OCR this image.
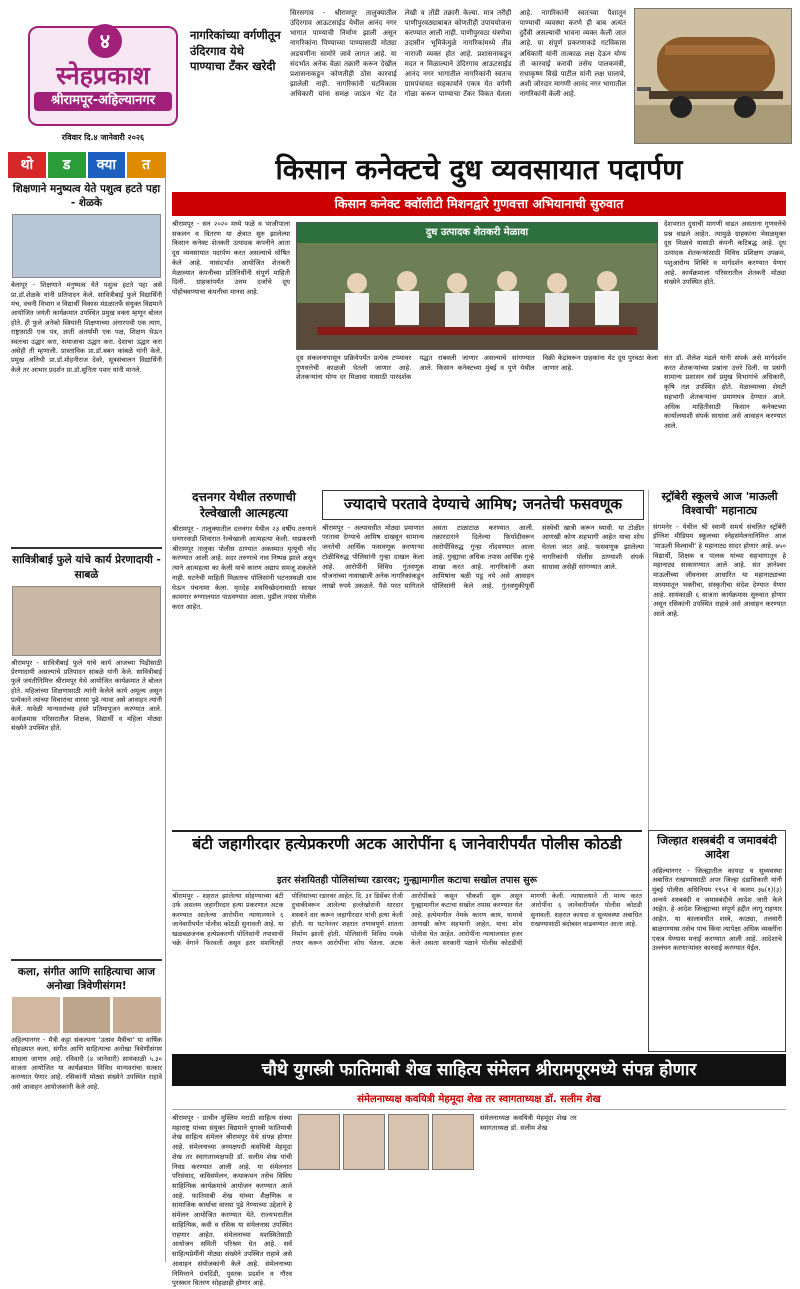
४
स्नेहप्रकाश
श्रीरामपूर-अहिल्यानगर
रविवार दि.४ जानेवारी २०२६
नागरिकांच्या वर्गणीतून उंदिरगाव येथे पाण्याचा टँकर खरेदी
सिरसगाव - श्रीरामपूर तालुक्यातील उंदिरगाव आऊटसाईड येथील आनंद नगर भागात पाण्याची निर्माण झाली असून नागरिकांना पिण्याच्या पाण्यासाठी मोठ्या अडचणींना सामोरे जावे लागत आहे. या संदर्भात अनेक वेळा तक्रारी करून देखील प्रशासनाकडून कोणतीही ठोस कारवाई झालेली नाही. नागरिकांनी घटविकास अधिकारी यांना समक्ष जाऊन भेट देत लेखी व तोंडी तक्रारी केल्या. मात्र तरीही पाणीपुरवठ्याबाबत कोणतीही उपाययोजना करण्यात आली नाही. पाणीपुरवठा यंत्रणेचा उदासीन भूमिकेमुळे नागरिकांमध्ये तीव्र नाराजी व्यक्त होत आहे. प्रशासनाकडून मदत न मिळाल्याने उंदिरगाव आऊटसाईड आनंद नगर भागातील नागरिकांनी स्वतःच ग्रामपंचायत सहकार्याने एकत्र येत वर्गणी गोळा करून पाण्याचा टँकर विकत घेतला आहे. नागरिकांनी स्वतःच्या पैशातून पाण्याची व्यवस्था करणे ही बाब अत्यंत दुर्दैवी असल्याची भावना व्यक्त केली जात आहे. या संपूर्ण प्रकरणाकडे गटविकास अधिकारी यांनी तात्काळ लक्ष देऊन योग्य ती कारवाई करावी तसेच पालकमंत्री, राधाकृष्ण विखे पाटील यांनी लक्ष घालावे, अशी जोरदार मागणी आनंद नगर भागातील नागरिकांनी केली आहे.
थो	ड	क्या	त
शिक्षणाने मनुष्यत्व येते पशुत्व हटते पहा - शेळके
बेलापूर - शिक्षणाने मनुष्यत्व येते पशुत्व हटते पहा असे प्रा.डॉ.शेळके यांनी प्रतिपादन केले. सावित्रीबाई फुले विद्यार्थिनी मंच, वचनी विभाग व विद्यार्थी विकास मंडळातर्फे संयुक्त विद्यमाने आयोजित जयंती कार्यक्रमात उपस्थित प्रमुख वक्ता म्हणून बोलत होते. ही फुले अनेको स्त्रियांनी शिक्षणाच्या अंगारपथी एक त्याग, राष्ट्रासाठी एक पत्र, ज्ञाती अंतर्यामी एक पक्ष, शिक्षण घेऊन स्वतःचा उद्धार करा, समाजाचा उद्धार करा. देशाचा उद्धार करा असेही ती म्हणाली. प्रास्ताविक प्रा.डॉ.बबन कांबळे यांनी केले. प्रमुख अतिथी प्रा.डॉ.मोहनीराज देवरे, सूत्रसंचालन विद्यार्थिनी केले तर आभार प्रदर्शन प्रा.डॉ.सुनिता पवार यांनी मानले.
सावित्रीबाई फुले यांचे कार्य प्रेरणादायी - साबळे
श्रीरामपूर - सावित्रीबाई फुले यांचे कार्य आजच्या पिढीसाठी प्रेरणादायी असल्याचे प्रतिपादन साबळे यांनी केले. सावित्रीबाई फुले जयंतीनिमित्त श्रीरामपूर येथे आयोजित कार्यक्रमात ते बोलत होते. महिलांच्या शिक्षणासाठी त्यांनी केलेले कार्य अमूल्य असून प्रत्येकाने त्यांच्या विचारांचा वारसा पुढे न्यावा असे आवाहन त्यांनी केले. यावेळी मान्यवरांच्या हस्ते प्रतिमापूजन करण्यात आले. कार्यक्रमास परिसरातील शिक्षक, विद्यार्थी व महिला मोठ्या संख्येने उपस्थित होते.
कला, संगीत आणि साहित्याचा आज अनोखा त्रिवेणीसंगम!
अहिल्यानगर - मैत्री कट्टा संकल्पना 'उत्सव मैत्रीचा' या वार्षिक सोहळ्यात कला, संगीत आणि साहित्याचा अनोखा त्रिवेणीसंगम साधला जाणार आहे. रविवारी (४ जानेवारी) सायंकाळी ५.३० वाजता आयोजित या कार्यक्रमात विविध मान्यवरांचा सत्कार करण्यात येणार आहे. रसिकांनी मोठ्या संख्येने उपस्थित राहावे असे आवाहन आयोजकांनी केले आहे.
किसान कनेक्टचे दुध व्यवसायात पदार्पण
किसान कनेक्ट क्वॉलीटी मिशनद्वारे गुणवत्ता अभियानाची सुरुवात
श्रीरामपूर - सन २०२० मध्ये फळे व भाजीपाला सकलन व वितरण या क्षेत्रात सुरु झालेल्या किसान कनेक्ट शेतकरी उत्पादक कंपनीने आता दूध व्यवसायात पदार्पण करत असल्याचे घोषित केले आहे. यासंदर्भात आयोजित शेतकरी मेळाव्यात कंपनीच्या प्रतिनिधींनी संपूर्ण माहिती दिली. ग्राहकांपर्यंत उत्तम दर्जाचे दूध पोहोचवण्याचा कंपनीचा मानस आहे.
दुध उत्पादक शेतकरी मेळावा
दूध संकलनापासून प्रक्रियेपर्यंत प्रत्येक टप्प्यावर गुणवत्तेची काळजी घेतली जाणार आहे. शेतकऱ्यांना योग्य दर मिळावा यासाठी पारदर्शक पद्धत राबवली जाणार असल्याचे सांगण्यात आले. किसान कनेक्टच्या मुंबई व पुणे येथील विक्री केंद्रांवरून ग्राहकांना थेट दूध पुरवठा केला जाणार आहे.
देशभरात दुधाची मागणी वाढत असताना गुणवत्तेचे प्रश्न वाढले आहेत. त्यामुळे ग्राहकांना भेसळमुक्त दूध मिळावे यासाठी कंपनी कटिबद्ध आहे. दूध उत्पादक शेतकऱ्यांसाठी विविध प्रशिक्षण उपक्रम, पशुआरोग्य शिबिरे व मार्गदर्शन करण्यात येणार आहे. कार्यक्रमाला परिसरातील शेतकरी मोठ्या संख्येने उपस्थित होते.
संत डॉ. शैलेश मढले यांनी संपर्क असे मार्गदर्शन करत शेतकऱ्यांच्या प्रश्नांना उत्तरे दिली. या प्रसंगी सामान्य प्रशासन सर्व प्रमुख विभागांचे अधिकारी, कृषि तज्ञ उपस्थित होते. मेळाव्याच्या शेवटी सहभागी शेतकऱ्यांना प्रमाणपत्र देण्यात आले. अधिक माहितीसाठी किसान कनेक्टच्या कार्यालयाशी संपर्क साधावा असे आवाहन करण्यात आले.
दत्तनगर येथील तरुणाची रेल्वेखाली आत्महत्या
श्रीरामपूर - तालुक्यातील दत्तनगर येथील २३ वर्षीय तरुणाने धनगरवाडी शिवारात रेल्वेखाली आत्महत्या केली. याप्रकरणी श्रीरामपूर तालुका पोलीस ठाण्यात अकस्मात मृत्यूची नोंद करण्यात आली आहे. सदर तरुणाचे नाव निष्पन्न झाले असून त्याने आत्महत्या का केली याचे कारण अद्याप समजू शकलेले नाही. घटनेची माहिती मिळताच पोलिसांनी घटनास्थळी धाव घेऊन पंचनामा केला. मृतदेह शवविच्छेदनासाठी साखर कामगार रुग्णालयात पाठवण्यात आला. पुढील तपास पोलीस करत आहेत.
ज्यादाचे परतावे देण्याचे आमिष; जनतेची फसवणूक
श्रीरामपूर - अल्पावधीत मोठ्या प्रमाणात परतावा देण्याचे आमिष दाखवून सामान्य जनतेची आर्थिक फसवणूक करणाऱ्या टोळीविरुद्ध पोलिसांनी गुन्हा दाखल केला आहे. आरोपींनी विविध गुंतवणूक योजनांच्या नावाखाली अनेक नागरिकांकडून लाखो रुपये उकळले. पैसे परत मागितले असता टाळाटाळ करण्यात आली. तक्रारदाराने दिलेल्या फिर्यादीवरून आरोपींविरुद्ध गुन्हा नोंदवण्यात आला आहे. गुन्ह्याचा अधिक तपास आर्थिक गुन्हे शाखा करत आहे. नागरिकांनी अशा आमिषांना बळी पडू नये असे आवाहन पोलिसांनी केले आहे. गुंतवणुकीपूर्वी संस्थेची खात्री करून घ्यावी. या टोळीत आणखी कोण सहभागी आहेत याचा शोध घेतला जात आहे. फसवणूक झालेल्या नागरिकांनी पोलीस ठाण्याशी संपर्क साधावा असेही सांगण्यात आले.
स्ट्रॉबेरी स्कूलचे आज 'माऊली विश्वाची' महानाट्य
संगमनेर - येथील श्री स्वामी समर्थ संचलित स्ट्रॉबेरी इंग्लिश मीडियम स्कूलच्या स्नेहसंमेलनानिमित्त आज 'माऊली विश्वाची' हे महानाट्य सादर होणार आहे. ७५० विद्यार्थी, शिक्षक व पालक यांच्या सहभागातून हे महानाट्य साकारण्यात आले आहे. संत ज्ञानेश्वर माऊलींच्या जीवनावर आधारित या महानाट्याच्या माध्यमातून भक्तीचा, संस्कृतीचा संदेश देण्यात येणार आहे. सायंकाळी ६ वाजता कार्यक्रमास सुरुवात होणार असून रसिकांनी उपस्थित राहावे असे आवाहन करण्यात आले आहे.
बंटी जहागीरदार हत्येप्रकरणी अटक आरोपींना ६ जानेवारीपर्यंत पोलीस कोठडी
इतर संशयितही पोलिसांच्या रडारवर; गुन्ह्यामागील कटाचा सखोल तपास सुरू
श्रीरामपूर - शहरात झालेल्या सोहण्याच्या बंटी उर्फ असलम जहागीरदार हत्या प्रकरणात अटक करण्यात आलेल्या आरोपींना न्यायालयाने ६ जानेवारीपर्यंत पोलीस कोठडी सुनावली आहे. या खळबळजनक हत्येप्रकरणी पोलिसांनी तपासाची चक्रे वेगाने फिरवली असून इतर संशयितही पोलिसांच्या रडारवर आहेत. दि. ३१ डिसेंबर रोजी दुचाकीवरून आलेल्या हल्लेखोरांनी धारदार शस्त्राने वार करून जहागीरदार यांची हत्या केली होती. या घटनेनंतर शहरात तणावपूर्ण शांतता निर्माण झाली होती. पोलिसांनी विविध पथके तयार करून आरोपींचा शोध घेतला. अटक आरोपींकडे कसून चौकशी सुरू असून गुन्ह्यामागील कटाचा सखोल तपास करण्यात येत आहे. हत्येमागील नेमके कारण काय, यामध्ये आणखी कोण सहभागी आहेत, याचा शोध पोलीस घेत आहेत. आरोपींना न्यायालयात हजर केले असता सरकारी पक्षाने पोलीस कोठडीची मागणी केली. न्यायालयाने ती मान्य करत आरोपींना ६ जानेवारीपर्यंत पोलीस कोठडी सुनावली. शहरात कायदा व सुव्यवस्था अबाधित राखण्यासाठी बंदोबस्त वाढवण्यात आला आहे.
जिल्हात शस्त्रबंदी व जमावबंदी आदेश
अहिल्यानगर - जिल्ह्यातील कायदा व सुव्यवस्था अबाधित राखण्यासाठी अपर जिल्हा दंडाधिकारी यांनी मुंबई पोलीस अधिनियम १९५१ चे कलम ३७(१)(३) अन्वये शस्त्रबंदी व जमावबंदीचे आदेश जारी केले आहेत. हे आदेश जिल्ह्याच्या संपूर्ण हद्दीत लागू राहणार आहेत. या कालावधीत शस्त्रे, काठ्या, तलवारी बाळगण्यास तसेच पाच किंवा त्यापेक्षा अधिक व्यक्तींना एकत्र येण्यास मनाई करण्यात आली आहे. आदेशाचे उल्लंघन करणाऱ्यांवर कारवाई करण्यात येईल.
चौथे युगस्त्री फातिमाबी शेख साहित्य संमेलन श्रीरामपूरमध्ये संपन्न होणार
संमेलनाध्यक्ष कवयित्री मेहमूदा शेख तर स्वागताध्यक्ष डॉ. सलीम शेख
श्रीरामपूर - प्राचीन मुस्लिम मराठी साहित्य संस्था महाराष्ट्र यांच्या संयुक्त विद्यमाने युगस्त्री फातिमाबी शेख साहित्य संमेलन श्रीरामपूर येथे संपन्न होणार आहे. संमेलनाच्या अध्यक्षपदी कवयित्री मेहमूदा शेख तर स्वागताध्यक्षपदी डॉ. सलीम शेख यांची निवड करण्यात आली आहे. या संमेलनात परिसंवाद, कविसंमेलन, कथाकथन तसेच विविध साहित्यिक कार्यक्रमांचे आयोजन करण्यात आले आहे. फातिमाबी शेख यांच्या शैक्षणिक व सामाजिक कार्याचा वारसा पुढे नेण्याच्या उद्देशाने हे संमेलन आयोजित करण्यात येते. राज्यभरातील साहित्यिक, कवी व रसिक या संमेलनास उपस्थित राहणार आहेत. संमेलनाच्या यशस्वितेसाठी आयोजन समिती परिश्रम घेत आहे. सर्व साहित्यप्रेमींनी मोठ्या संख्येने उपस्थित राहावे असे आवाहन संयोजकांनी केले आहे. संमेलनाच्या निमित्ताने ग्रंथदिंडी, पुस्तक प्रदर्शन व गौरव पुरस्कार वितरण सोहळाही होणार आहे.
संमेलनाध्यक्ष कवयित्री मेहमूदा शेख तर स्वागताध्यक्ष डॉ. सलीम शेख
